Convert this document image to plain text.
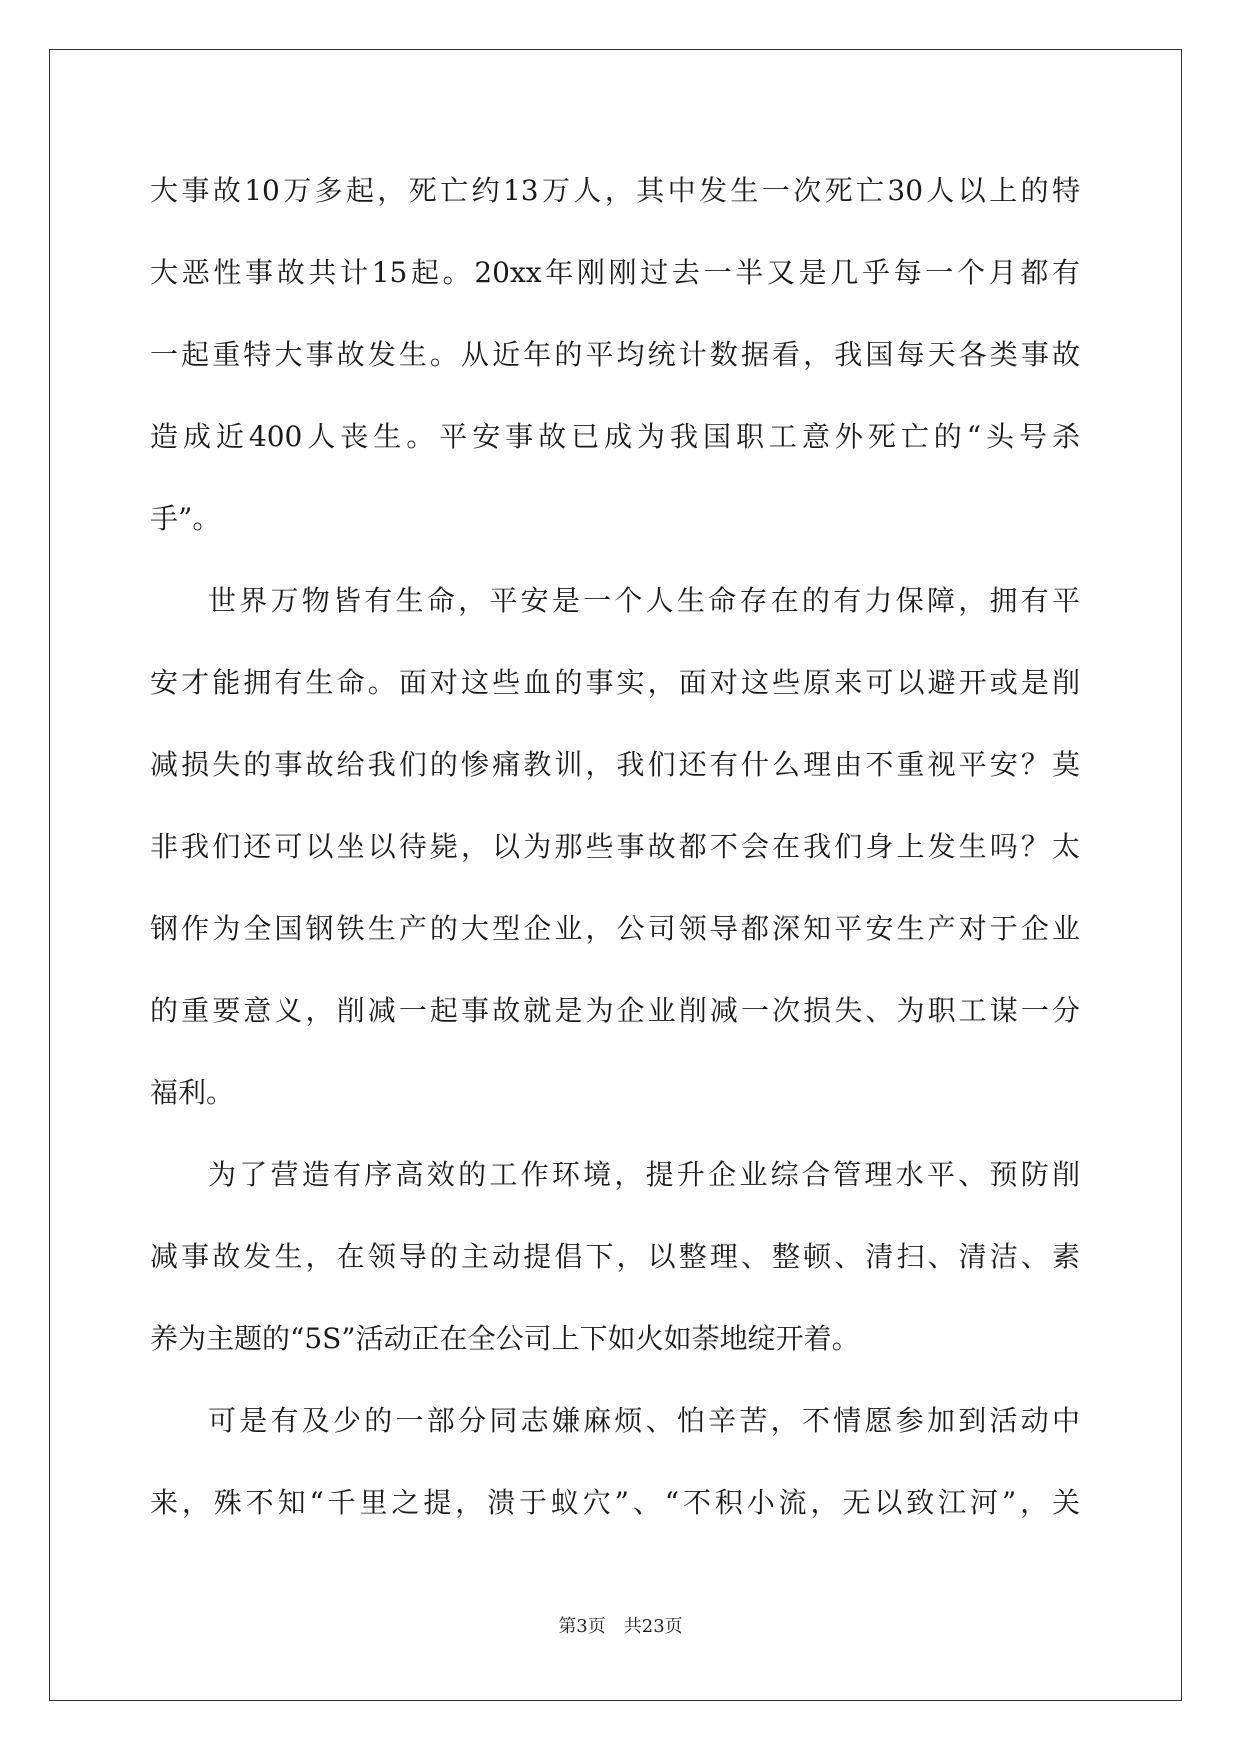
大事故10万多起，死亡约13万人，其中发生一次死亡30人以上的特
大恶性事故共计15起。20xx年刚刚过去一半又是几乎每一个月都有
一起重特大事故发生。从近年的平均统计数据看，我国每天各类事故
造成近400人丧生。平安事故已成为我国职工意外死亡的“头号杀
手”。
世界万物皆有生命，平安是一个人生命存在的有力保障，拥有平
安才能拥有生命。面对这些血的事实，面对这些原来可以避开或是削
减损失的事故给我们的惨痛教训，我们还有什么理由不重视平安？莫
非我们还可以坐以待毙，以为那些事故都不会在我们身上发生吗？太
钢作为全国钢铁生产的大型企业，公司领导都深知平安生产对于企业
的重要意义，削减一起事故就是为企业削减一次损失、为职工谋一分
福利。
为了营造有序高效的工作环境，提升企业综合管理水平、预防削
减事故发生，在领导的主动提倡下，以整理、整顿、清扫、清洁、素
养为主题的“5S”活动正在全公司上下如火如荼地绽开着。
可是有及少的一部分同志嫌麻烦、怕辛苦，不情愿参加到活动中
来，殊不知“千里之提，溃于蚁穴”、“不积小流，无以致江河”，关
第3页 共23页
